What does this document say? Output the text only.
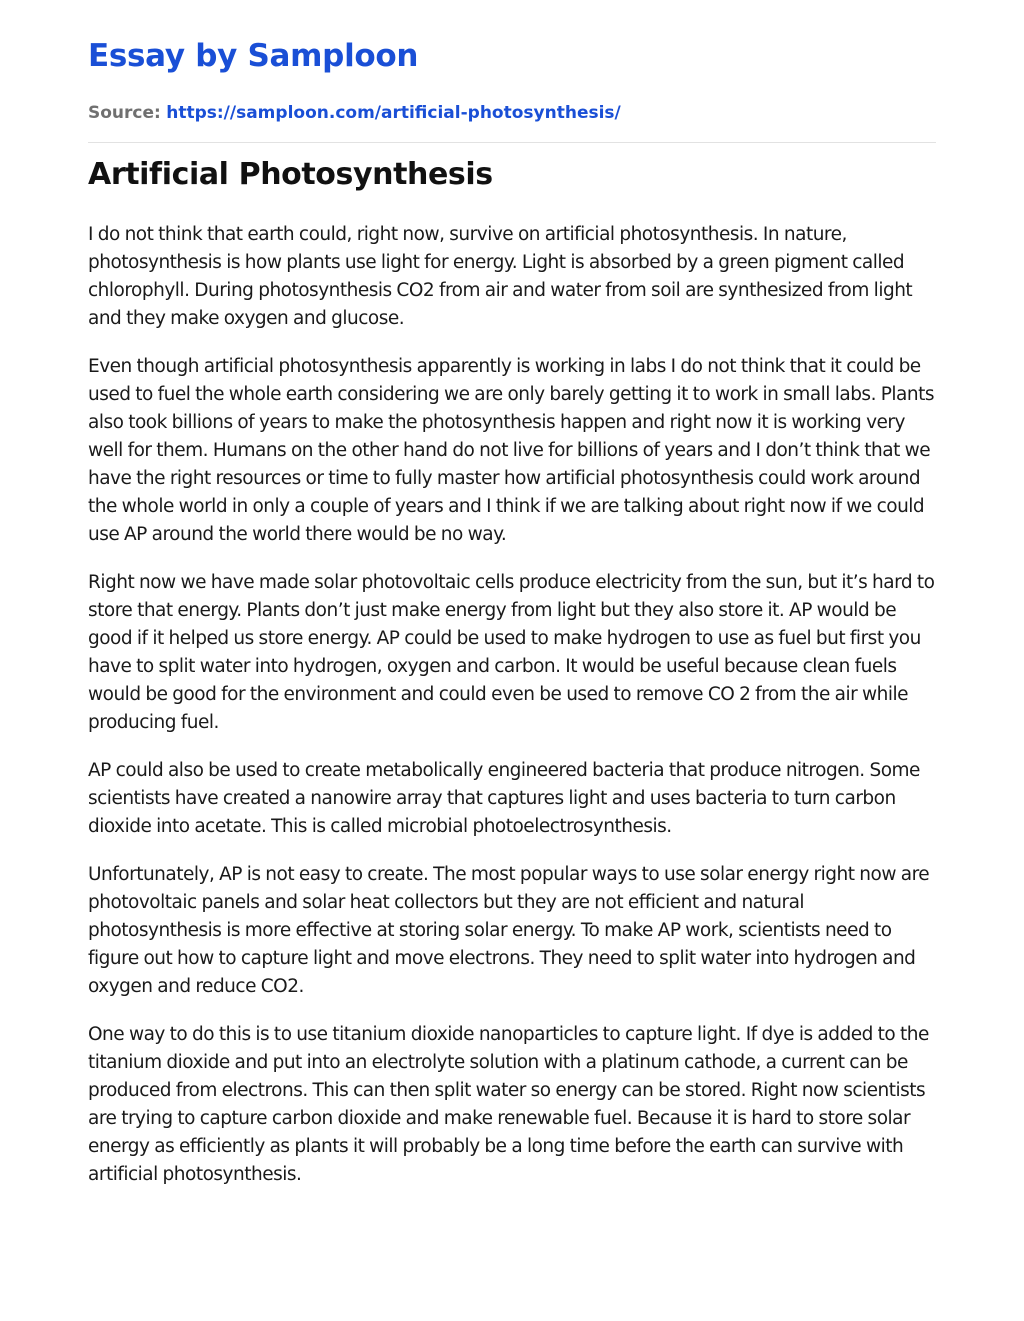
Essay by Samploon
Source: https://samploon.com/artificial-photosynthesis/
Artificial Photosynthesis

I do not think that earth could, right now, survive on artificial photosynthesis. In nature, photosynthesis is how plants use light for energy. Light is absorbed by a green pigment called chlorophyll. During photosynthesis CO2 from air and water from soil are synthesized from light and they make oxygen and glucose.

Even though artificial photosynthesis apparently is working in labs I do not think that it could be used to fuel the whole earth considering we are only barely getting it to work in small labs. Plants also took billions of years to make the photosynthesis happen and right now it is working very well for them. Humans on the other hand do not live for billions of years and I don’t think that we have the right resources or time to fully master how artificial photosynthesis could work around the whole world in only a couple of years and I think if we are talking about right now if we could use AP around the world there would be no way.

Right now we have made solar photovoltaic cells produce electricity from the sun, but it’s hard to store that energy. Plants don’t just make energy from light but they also store it. AP would be good if it helped us store energy. AP could be used to make hydrogen to use as fuel but first you have to split water into hydrogen, oxygen and carbon. It would be useful because clean fuels would be good for the environment and could even be used to remove CO 2 from the air while producing fuel.

AP could also be used to create metabolically engineered bacteria that produce nitrogen. Some scientists have created a nanowire array that captures light and uses bacteria to turn carbon dioxide into acetate. This is called microbial photoelectrosynthesis.

Unfortunately, AP is not easy to create. The most popular ways to use solar energy right now are photovoltaic panels and solar heat collectors but they are not efficient and natural photosynthesis is more effective at storing solar energy. To make AP work, scientists need to figure out how to capture light and move electrons. They need to split water into hydrogen and oxygen and reduce CO2.

One way to do this is to use titanium dioxide nanoparticles to capture light. If dye is added to the titanium dioxide and put into an electrolyte solution with a platinum cathode, a current can be produced from electrons. This can then split water so energy can be stored. Right now scientists are trying to capture carbon dioxide and make renewable fuel. Because it is hard to store solar energy as efficiently as plants it will probably be a long time before the earth can survive with artificial photosynthesis.
